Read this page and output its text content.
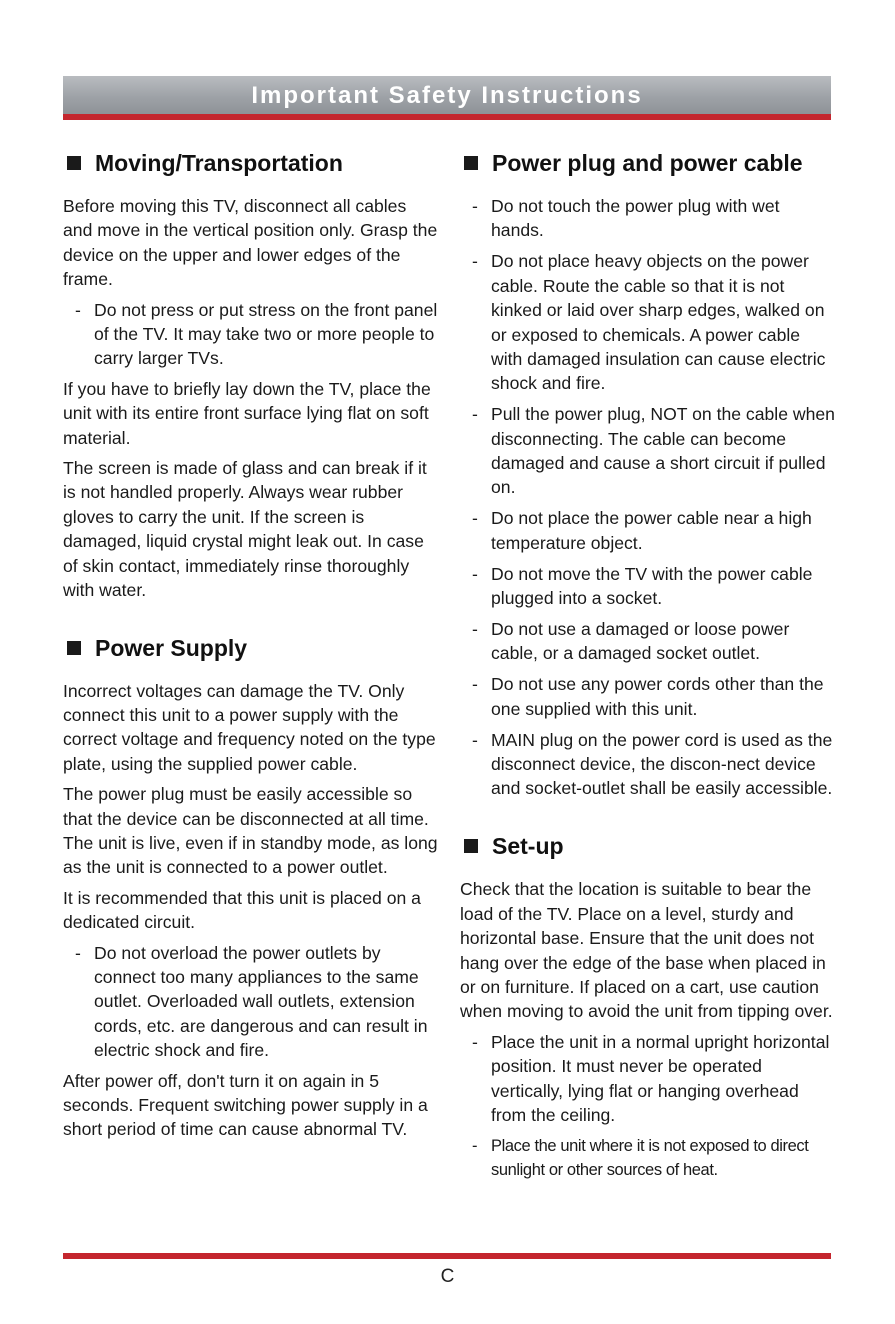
Important Safety Instructions
Moving/Transportation

Before moving this TV, disconnect all cables and move in the vertical position only. Grasp the device on the upper and lower edges of the frame.

- Do not press or put stress on the front panel of the TV. It may take two or more people to carry larger TVs.

If you have to briefly lay down the TV, place the unit with its entire front surface lying flat on soft material.

The screen is made of glass and can break if it is not handled properly. Always wear rubber gloves to carry the unit. If the screen is damaged, liquid crystal might leak out. In case of skin contact, immediately rinse thoroughly with water.

Power Supply

Incorrect voltages can damage the TV. Only connect this unit to a power supply with the correct voltage and frequency noted on the type plate, using the supplied power cable.

The power plug must be easily accessible so that the device can be disconnected at all time. The unit is live, even if in standby mode, as long as the unit is connected to a power outlet.

It is recommended that this unit is placed on a dedicated circuit.

- Do not overload the power outlets by connect too many appliances to the same outlet. Overloaded wall outlets, extension cords, etc. are dangerous and can result in electric shock and fire.

After power off, don't turn it on again in 5 seconds. Frequent switching power supply in a short period of time can cause abnormal TV.

Power plug and power cable
- Do not touch the power plug with wet hands.
- Do not place heavy objects on the power cable. Route the cable so that it is not kinked or laid over sharp edges, walked on or exposed to chemicals. A power cable with damaged insulation can cause electric shock and fire.
- Pull the power plug, NOT on the cable when disconnecting. The cable can become damaged and cause a short circuit if pulled on.
- Do not place the power cable near a high temperature object.
- Do not move the TV with the power cable plugged into a socket.
- Do not use a damaged or loose power cable, or a damaged socket outlet.
- Do not use any power cords other than the one supplied with this unit.
- MAIN plug on the power cord is used as the disconnect device, the discon-nect device and socket-outlet shall be easily accessible.
Set-up

Check that the location is suitable to bear the load of the TV. Place on a level, sturdy and horizontal base. Ensure that the unit does not hang over the edge of the base when placed in or on furniture. If placed on a cart, use caution when moving to avoid the unit from tipping over.

- Place the unit in a normal upright horizontal position. It must never be operated vertically, lying flat or hanging overhead from the ceiling.
- Place the unit where it is not exposed to direct sunlight or other sources of heat.
C
